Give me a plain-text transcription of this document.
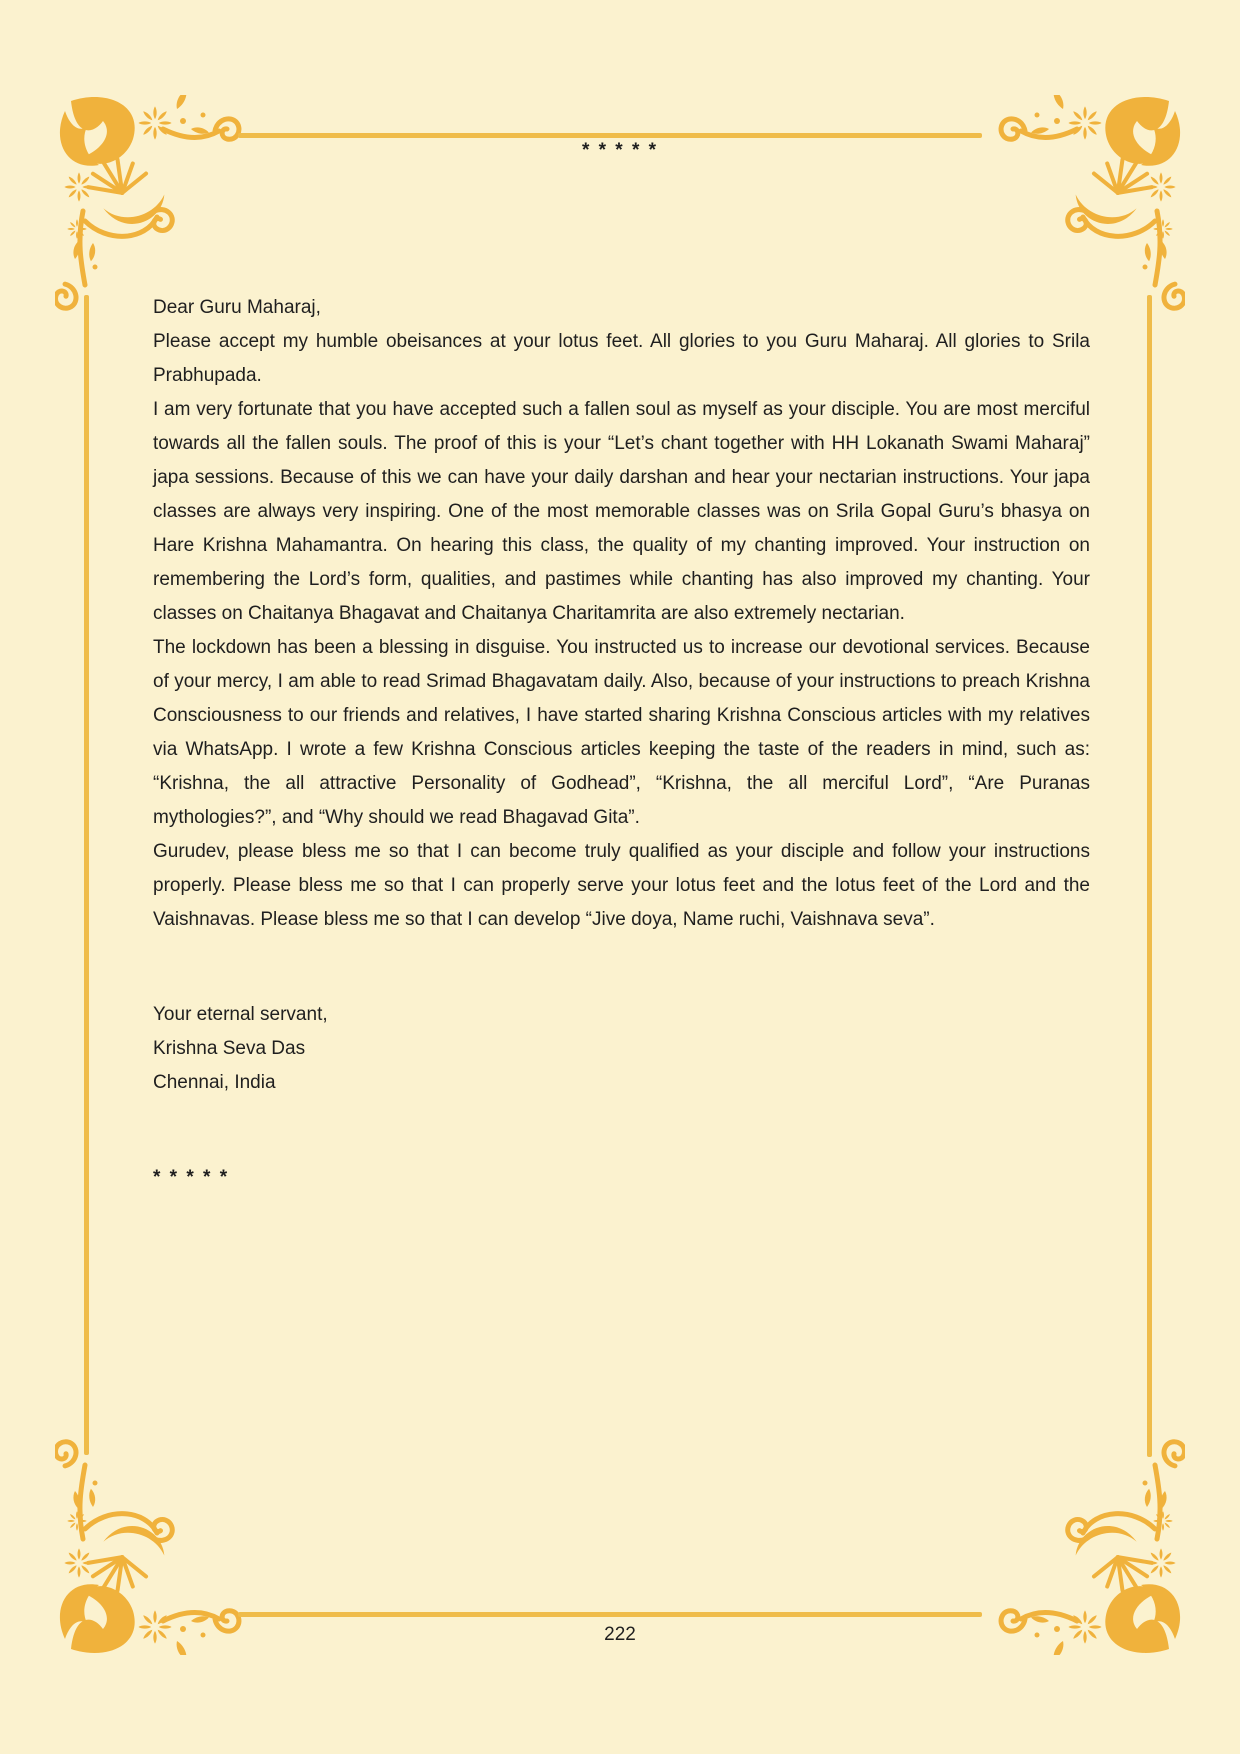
* * * * *

Dear Guru Maharaj,

Please accept my humble obeisances at your lotus feet. All glories to you Guru Maharaj. All glories to Srila Prabhupada.

I am very fortunate that you have accepted such a fallen soul as myself as your disciple. You are most merciful towards all the fallen souls. The proof of this is your “Let’s chant together with HH Lokanath Swami Maharaj” japa sessions. Because of this we can have your daily darshan and hear your nectarian instructions. Your japa classes are always very inspiring. One of the most memorable classes was on Srila Gopal Guru’s bhasya on Hare Krishna Mahamantra. On hearing this class, the quality of my chanting improved. Your instruction on remembering the Lord’s form, qualities, and pastimes while chanting has also improved my chanting. Your classes on Chaitanya Bhagavat and Chaitanya Charitamrita are also extremely nectarian.

The lockdown has been a blessing in disguise. You instructed us to increase our devotional services. Because of your mercy, I am able to read Srimad Bhagavatam daily. Also, because of your instructions to preach Krishna Consciousness to our friends and relatives, I have started sharing Krishna Conscious articles with my relatives via WhatsApp. I wrote a few Krishna Conscious articles keeping the taste of the readers in mind, such as: “Krishna, the all attractive Personality of Godhead”, “Krishna, the all merciful Lord”, “Are Puranas mythologies?”, and “Why should we read Bhagavad Gita”.

Gurudev, please bless me so that I can become truly qualified as your disciple and follow your instructions properly. Please bless me so that I can properly serve your lotus feet and the lotus feet of the Lord and the Vaishnavas. Please bless me so that I can develop “Jive doya, Name ruchi, Vaishnava seva”.

Your eternal servant,

Krishna Seva Das

Chennai, India

* * * * *

222
